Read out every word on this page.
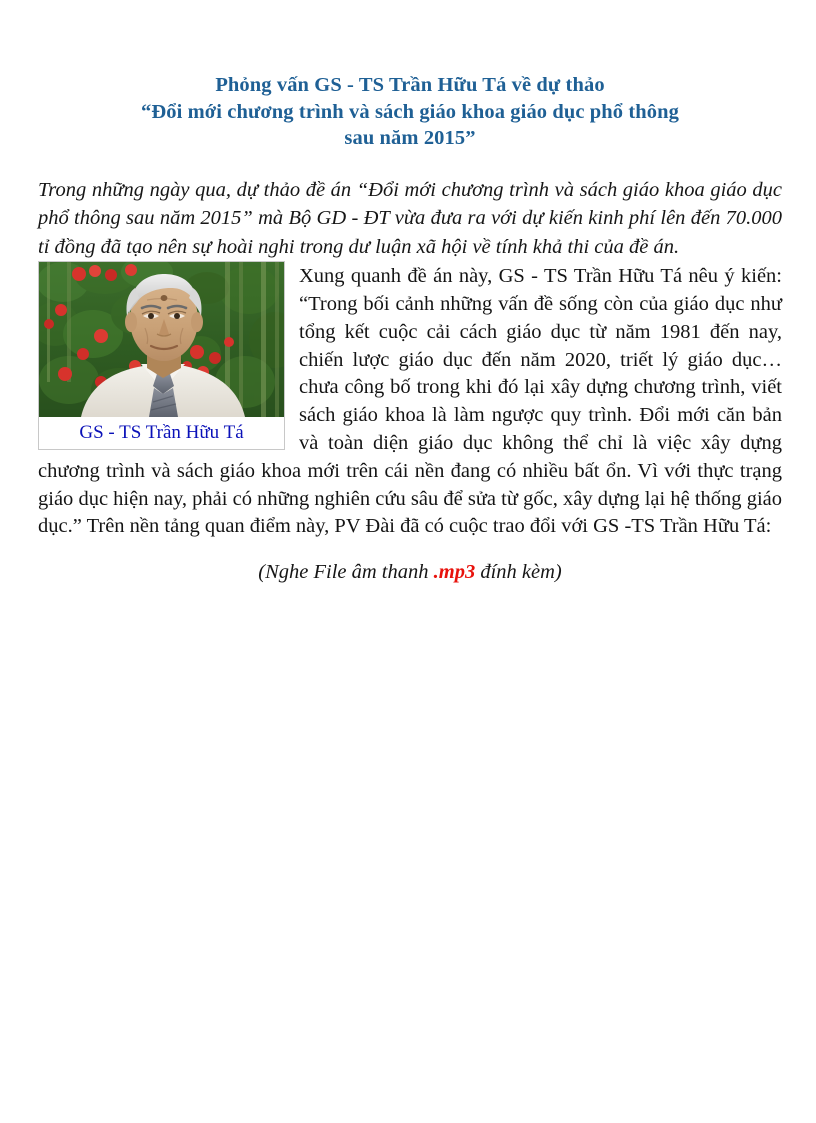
Phỏng vấn GS - TS Trần Hữu Tá về dự thảo
“Đổi mới chương trình và sách giáo khoa giáo dục phổ thông
sau năm 2015”

Trong những ngày qua, dự thảo đề án “Đổi mới chương trình và sách giáo khoa giáo dục phổ thông sau năm 2015” mà Bộ GD - ĐT vừa đưa ra với dự kiến kinh phí lên đến 70.000 tỉ đồng đã tạo nên sự hoài nghi trong dư luận xã hội về tính khả thi của đề án.

GS - TS Trần Hữu Tá

Xung quanh đề án này, GS - TS Trần Hữu Tá nêu ý kiến: “Trong bối cảnh những vấn đề sống còn của giáo dục như tổng kết cuộc cải cách giáo dục từ năm 1981 đến nay, chiến lược giáo dục đến năm 2020, triết lý giáo dục… chưa công bố trong khi đó lại xây dựng chương trình, viết sách giáo khoa là làm ngược quy trình. Đổi mới căn bản và toàn diện giáo dục không thể chỉ là việc xây dựng chương trình và sách giáo khoa mới trên cái nền đang có nhiều bất ổn. Vì với thực trạng giáo dục hiện nay, phải có những nghiên cứu sâu để sửa từ gốc, xây dựng lại hệ thống giáo dục.” Trên nền tảng quan điểm này, PV Đài đã có cuộc trao đổi với GS -TS Trần Hữu Tá:

(Nghe File âm thanh .mp3 đính kèm)
